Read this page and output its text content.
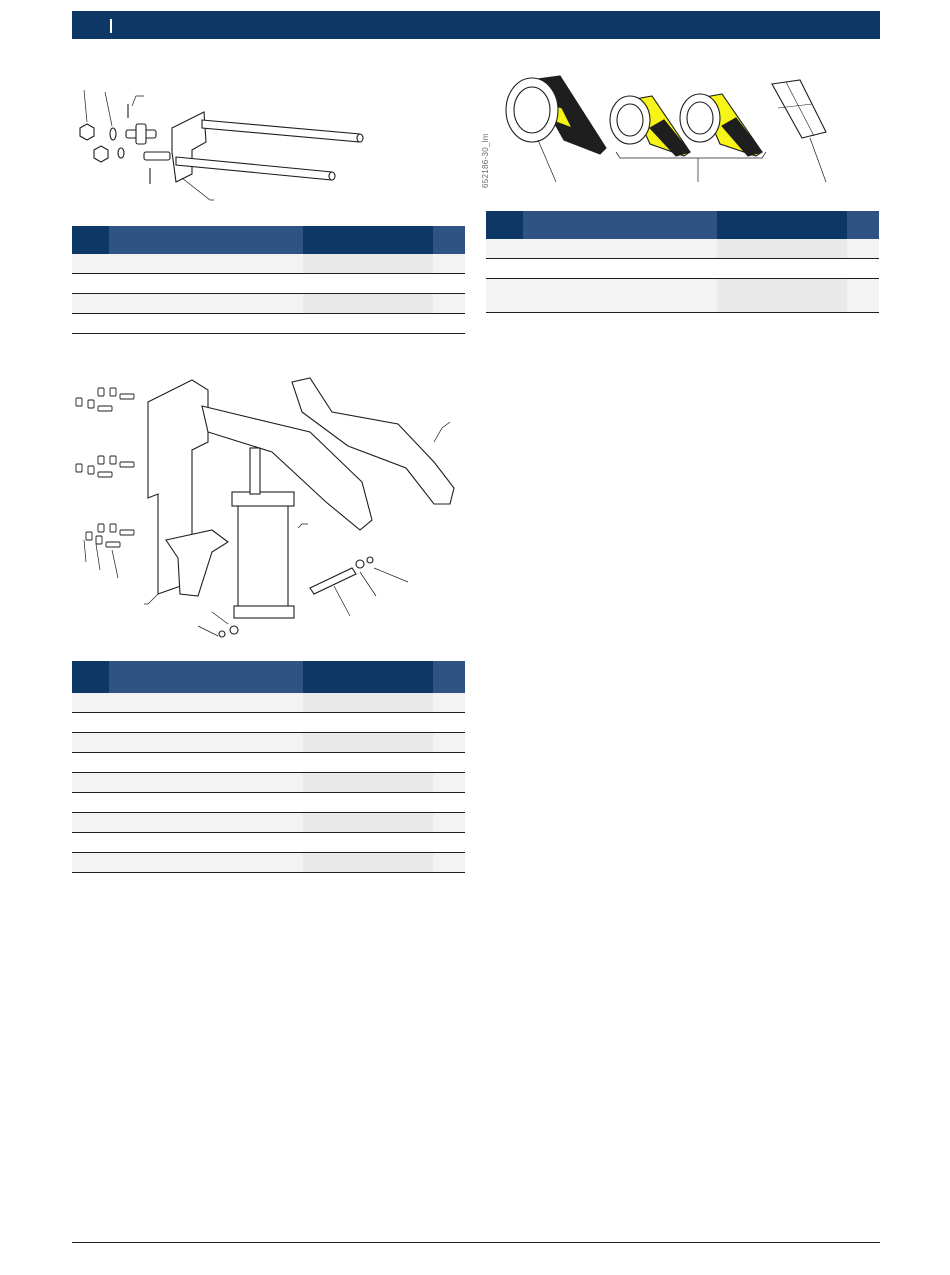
652186-30_lm
